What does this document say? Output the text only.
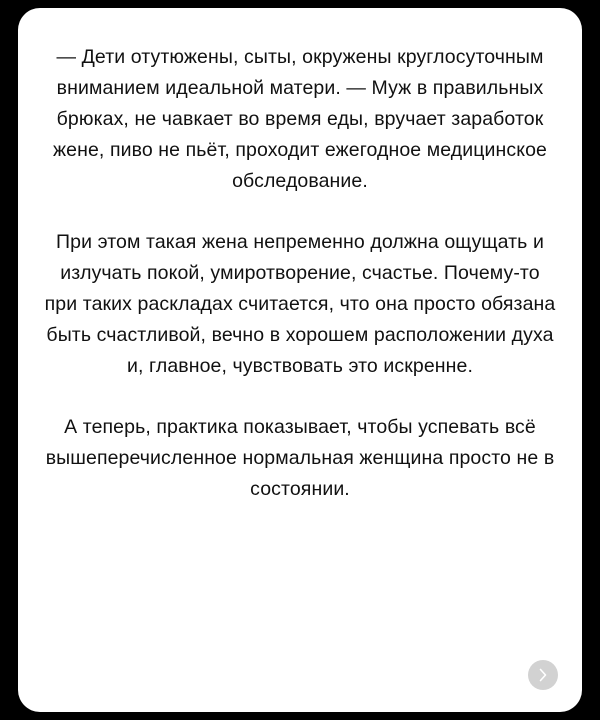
— Дети отутюжены, сыты, окружены круглосуточным вниманием идеальной матери. — Муж в правильных брюках, не чавкает во время еды, вручает заработок жене, пиво не пьёт, проходит ежегодное медицинское обследование.

При этом такая жена непременно должна ощущать и излучать покой, умиротворение, счастье. Почему-то при таких раскладах считается, что она просто обязана быть счастливой, вечно в хорошем расположении духа и, главное, чувствовать это искренне.

А теперь, практика показывает, чтобы успевать всё вышеперечисленное нормальная женщина просто не в состоянии.
